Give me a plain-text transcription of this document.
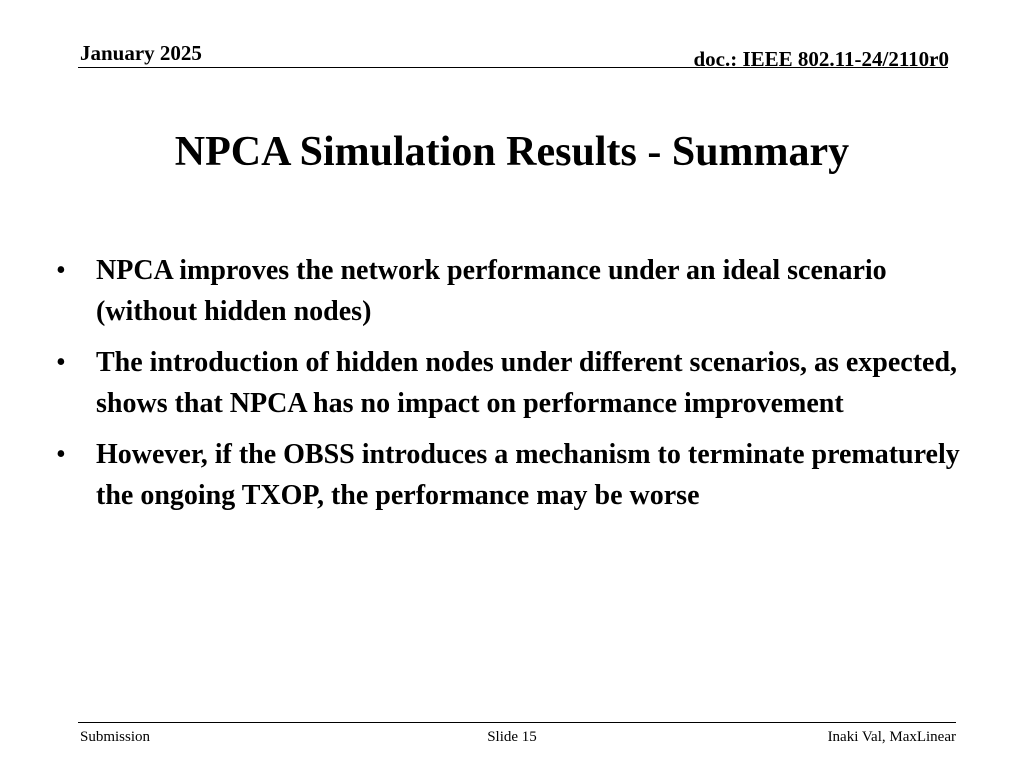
January 2025	doc.: IEEE 802.11-24/2110r0
NPCA Simulation Results - Summary
•	NPCA improves the network performance under an ideal scenario (without hidden nodes)
•	The introduction of hidden nodes under different scenarios, as expected, shows that NPCA has no impact on performance improvement
•	However, if the OBSS introduces a mechanism to terminate prematurely the ongoing TXOP, the performance may be worse
Submission	Slide 15	Inaki Val, MaxLinear
